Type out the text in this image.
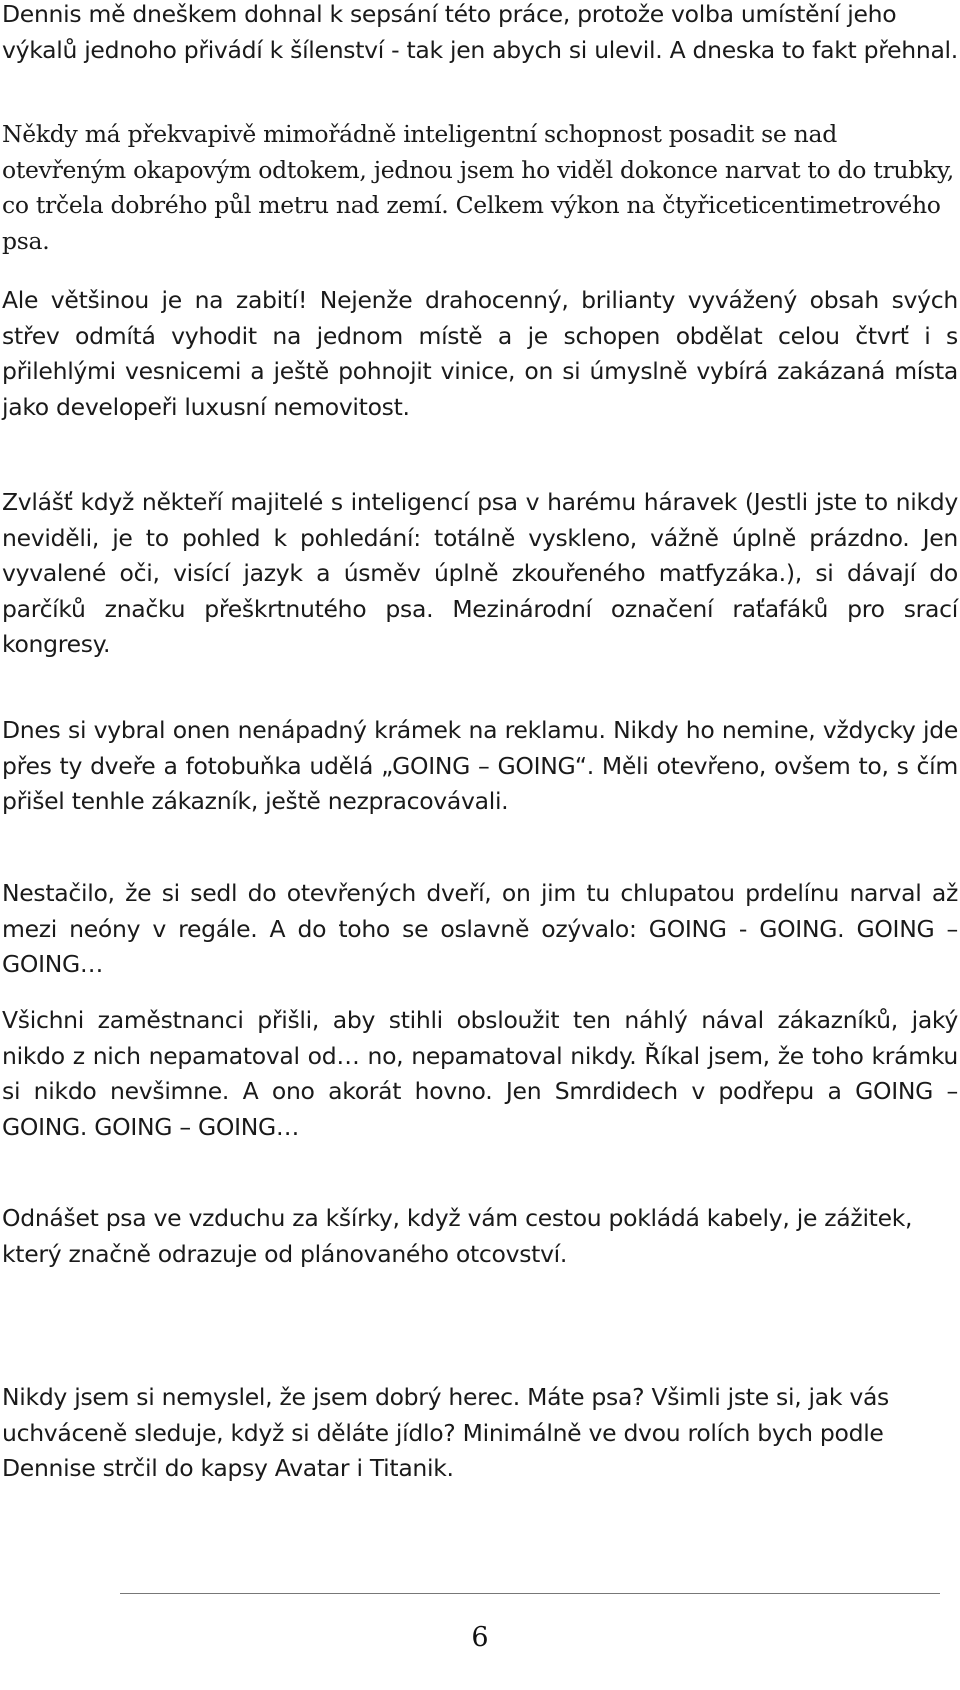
Dennis mě dneškem dohnal k sepsání této práce, protože volba umístění jeho výkalů jednoho přivádí k šílenství - tak jen abych si ulevil. A dneska to fakt přehnal.

Někdy má překvapivě mimořádně inteligentní schopnost posadit se nad otevřeným okapovým odtokem, jednou jsem ho viděl dokonce narvat to do trubky, co trčela dobrého půl metru nad zemí. Celkem výkon na čtyřiceticentimetrového psa.

Ale většinou je na zabití! Nejenže drahocenný, brilianty vyvážený obsah svých střev odmítá vyhodit na jednom místě a je schopen obdělat celou čtvrť i s přilehlými vesnicemi a ještě pohnojit vinice, on si úmyslně vybírá zakázaná místa jako developeři luxusní nemovitost.

Zvlášť když někteří majitelé s inteligencí psa v harému háravek (Jestli jste to nikdy neviděli, je to pohled k pohledání: totálně vyskleno, vážně úplně prázdno. Jen vyvalené oči, visící jazyk a úsměv úplně zkouřeného matfyzáka.), si dávají do parčíků značku přeškrtnutého psa. Mezinárodní označení raťafáků pro srací kongresy.

Dnes si vybral onen nenápadný krámek na reklamu. Nikdy ho nemine, vždycky jde přes ty dveře a fotobuňka udělá „GOING – GOING“. Měli otevřeno, ovšem to, s čím přišel tenhle zákazník, ještě nezpracovávali.

Nestačilo, že si sedl do otevřených dveří, on jim tu chlupatou prdelínu narval až mezi neóny v regále. A do toho se oslavně ozývalo: GOING - GOING. GOING – GOING…

Všichni zaměstnanci přišli, aby stihli obsloužit ten náhlý nával zákazníků, jaký nikdo z nich nepamatoval od… no, nepamatoval nikdy. Říkal jsem, že toho krámku si nikdo nevšimne. A ono akorát hovno. Jen Smrdidech v podřepu a GOING – GOING. GOING – GOING…

Odnášet psa ve vzduchu za kšírky, když vám cestou pokládá kabely, je zážitek, který značně odrazuje od plánovaného otcovství.

Nikdy jsem si nemyslel, že jsem dobrý herec. Máte psa? Všimli jste si, jak vás uchváceně sleduje, když si děláte jídlo? Minimálně ve dvou rolích bych podle Dennise strčil do kapsy Avatar i Titanik.

6
